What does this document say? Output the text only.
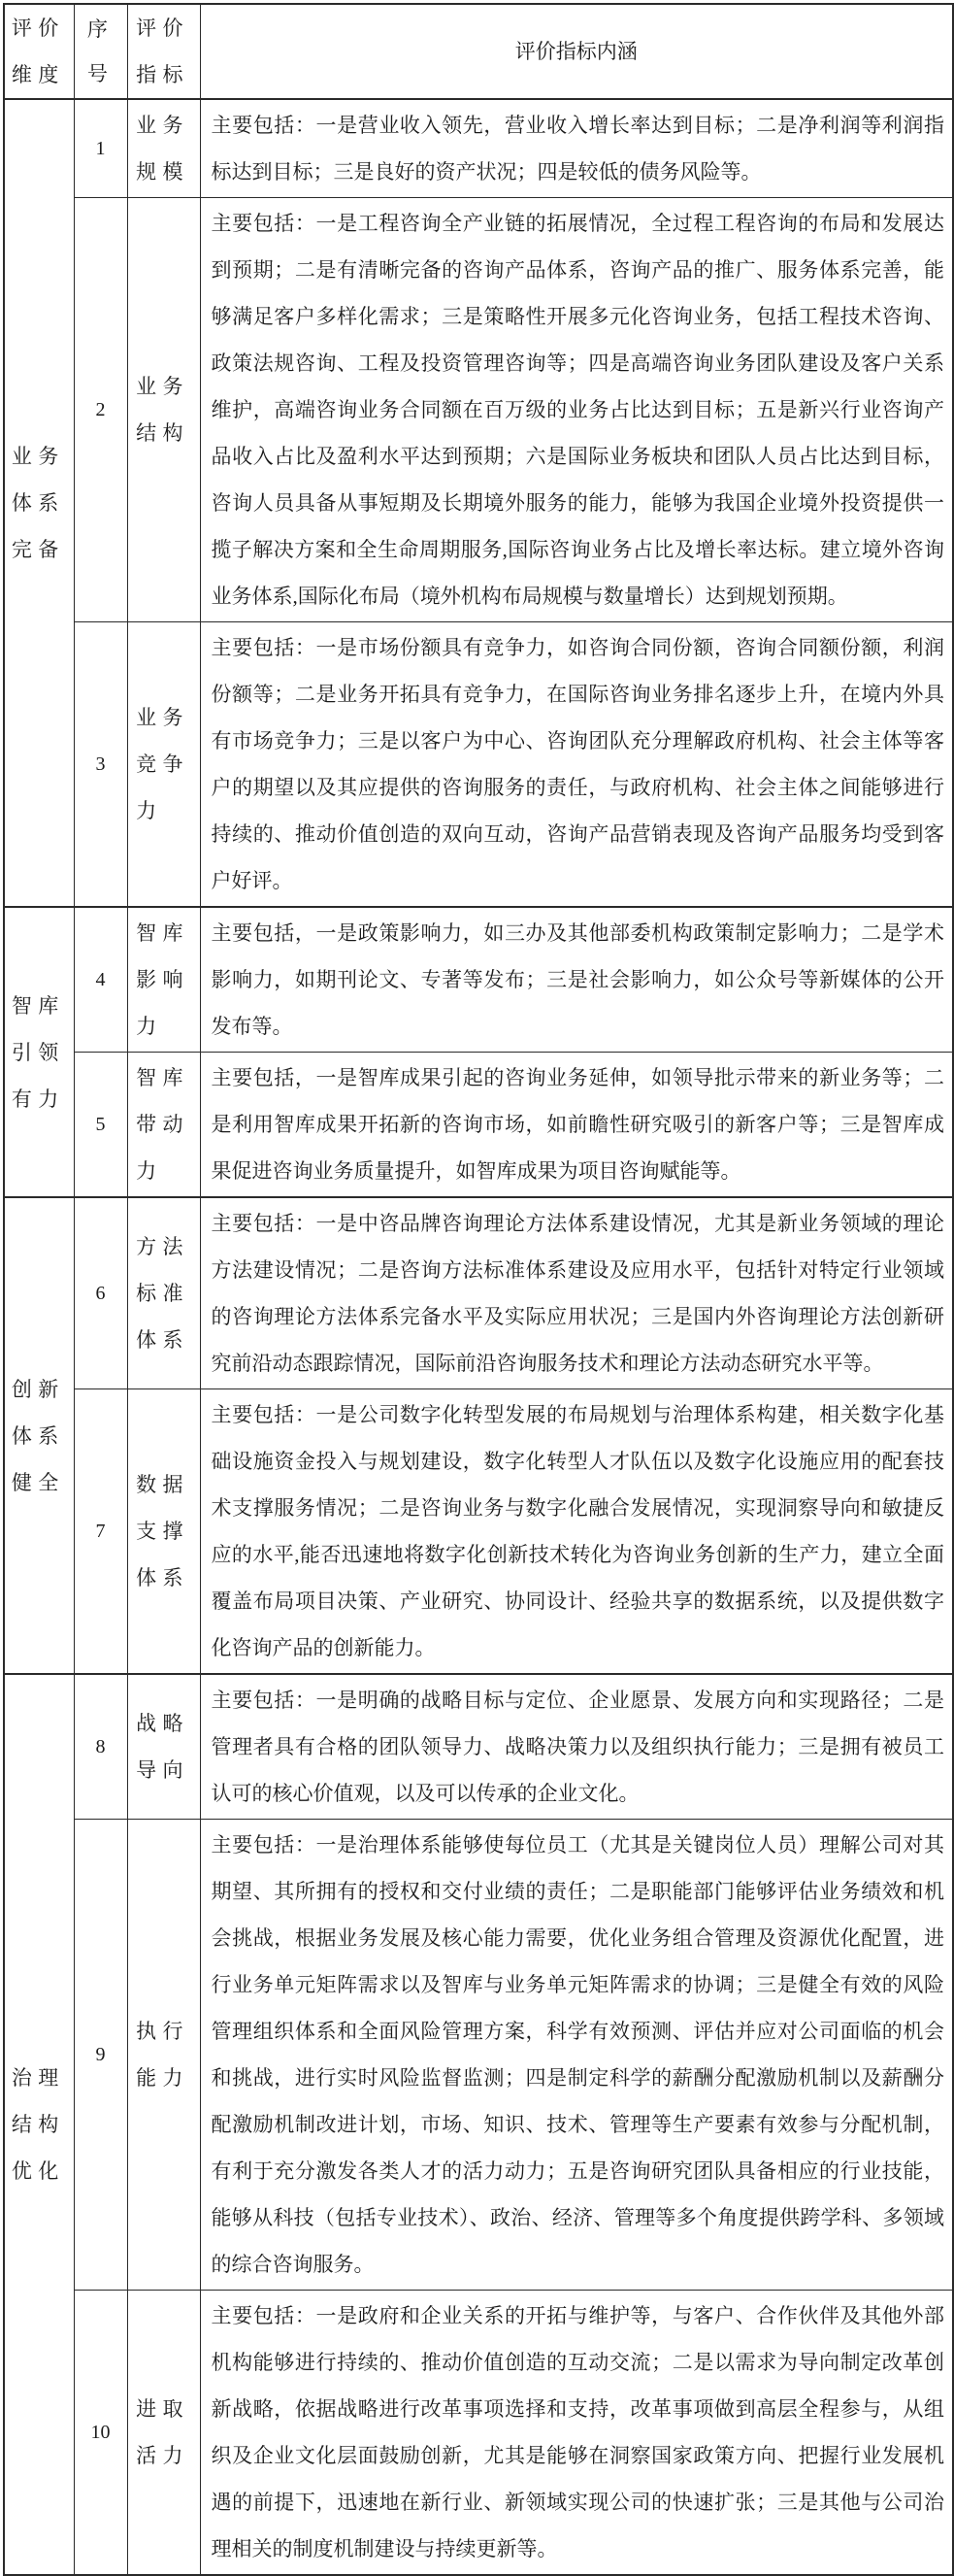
评价维度	序号	评价指标	评价指标内涵
业务体系完备	1	业务规模	主要包括：一是营业收入领先，营业收入增长率达到目标；二是净利润等利润指标达到目标；三是良好的资产状况；四是较低的债务风险等。
	2	业务结构	主要包括：一是工程咨询全产业链的拓展情况，全过程工程咨询的布局和发展达到预期；二是有清晰完备的咨询产品体系，咨询产品的推广、服务体系完善，能够满足客户多样化需求；三是策略性开展多元化咨询业务，包括工程技术咨询、政策法规咨询、工程及投资管理咨询等；四是高端咨询业务团队建设及客户关系维护，高端咨询业务合同额在百万级的业务占比达到目标；五是新兴行业咨询产品收入占比及盈利水平达到预期；六是国际业务板块和团队人员占比达到目标，咨询人员具备从事短期及长期境外服务的能力，能够为我国企业境外投资提供一揽子解决方案和全生命周期服务,国际咨询业务占比及增长率达标。建立境外咨询业务体系,国际化布局（境外机构布局规模与数量增长）达到规划预期。
	3	业务竞争力	主要包括：一是市场份额具有竞争力，如咨询合同份额，咨询合同额份额，利润份额等；二是业务开拓具有竞争力，在国际咨询业务排名逐步上升，在境内外具有市场竞争力；三是以客户为中心、咨询团队充分理解政府机构、社会主体等客户的期望以及其应提供的咨询服务的责任，与政府机构、社会主体之间能够进行持续的、推动价值创造的双向互动，咨询产品营销表现及咨询产品服务均受到客户好评。
智库引领有力	4	智库影响力	主要包括，一是政策影响力，如三办及其他部委机构政策制定影响力；二是学术影响力，如期刊论文、专著等发布；三是社会影响力，如公众号等新媒体的公开发布等。
	5	智库带动力	主要包括，一是智库成果引起的咨询业务延伸，如领导批示带来的新业务等；二是利用智库成果开拓新的咨询市场，如前瞻性研究吸引的新客户等；三是智库成果促进咨询业务质量提升，如智库成果为项目咨询赋能等。
创新体系健全	6	方法标准体系	主要包括：一是中咨品牌咨询理论方法体系建设情况，尤其是新业务领域的理论方法建设情况；二是咨询方法标准体系建设及应用水平，包括针对特定行业领域的咨询理论方法体系完备水平及实际应用状况；三是国内外咨询理论方法创新研究前沿动态跟踪情况，国际前沿咨询服务技术和理论方法动态研究水平等。
	7	数据支撑体系	主要包括：一是公司数字化转型发展的布局规划与治理体系构建，相关数字化基础设施资金投入与规划建设，数字化转型人才队伍以及数字化设施应用的配套技术支撑服务情况；二是咨询业务与数字化融合发展情况，实现洞察导向和敏捷反应的水平,能否迅速地将数字化创新技术转化为咨询业务创新的生产力，建立全面覆盖布局项目决策、产业研究、协同设计、经验共享的数据系统，以及提供数字化咨询产品的创新能力。
治理结构优化	8	战略导向	主要包括：一是明确的战略目标与定位、企业愿景、发展方向和实现路径；二是管理者具有合格的团队领导力、战略决策力以及组织执行能力；三是拥有被员工认可的核心价值观，以及可以传承的企业文化。
	9	执行能力	主要包括：一是治理体系能够使每位员工（尤其是关键岗位人员）理解公司对其期望、其所拥有的授权和交付业绩的责任；二是职能部门能够评估业务绩效和机会挑战，根据业务发展及核心能力需要，优化业务组合管理及资源优化配置，进行业务单元矩阵需求以及智库与业务单元矩阵需求的协调；三是健全有效的风险管理组织体系和全面风险管理方案，科学有效预测、评估并应对公司面临的机会和挑战，进行实时风险监督监测；四是制定科学的薪酬分配激励机制以及薪酬分配激励机制改进计划，市场、知识、技术、管理等生产要素有效参与分配机制，有利于充分激发各类人才的活力动力；五是咨询研究团队具备相应的行业技能，能够从科技（包括专业技术）、政治、经济、管理等多个角度提供跨学科、多领域的综合咨询服务。
	10	进取活力	主要包括：一是政府和企业关系的开拓与维护等，与客户、合作伙伴及其他外部机构能够进行持续的、推动价值创造的互动交流；二是以需求为导向制定改革创新战略，依据战略进行改革事项选择和支持，改革事项做到高层全程参与，从组织及企业文化层面鼓励创新，尤其是能够在洞察国家政策方向、把握行业发展机遇的前提下，迅速地在新行业、新领域实现公司的快速扩张；三是其他与公司治理相关的制度机制建设与持续更新等。
